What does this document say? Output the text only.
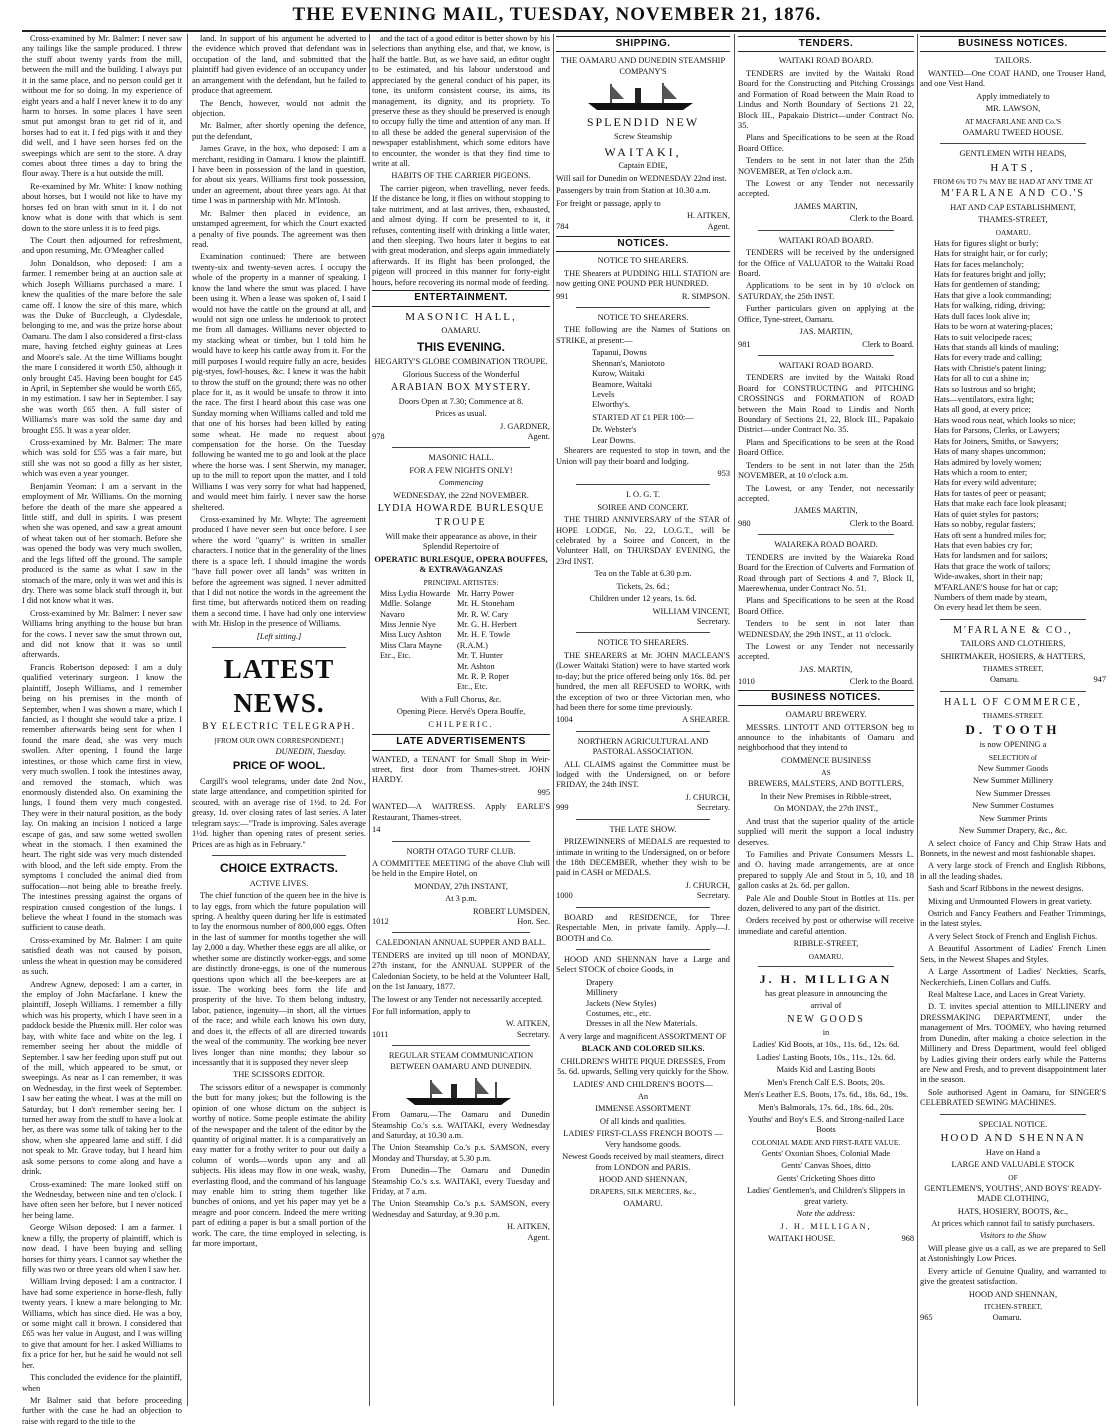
THE EVENING MAIL, TUESDAY, NOVEMBER 21, 1876.

Cross-examined by Mr. Balmer: I never saw any tailings like the sample produced. I threw the stuff about twenty yards from the mill, between the mill and the building. I always put it in the same place, and no person could get it without me for so doing. In my experience of eight years and a half I never knew it to do any harm to horses. In some places I have seen smut put amongst bran to get rid of it, and horses had to eat it. I fed pigs with it and they did well, and I have seen horses fed on the sweepings which are sent to the store. A dray comes about three times a day to bring the flour away. There is a hut outside the mill.

Re-examined by Mr. White: I know nothing about horses, but I would not like to have my horses fed on bran with smut in it. I do not know what is done with that which is sent down to the store unless it is to feed pigs.

The Court then adjourned for refreshment, and upon resuming, Mr. O'Meagher called

John Donaldson, who deposed: I am a farmer. I remember being at an auction sale at which Joseph Williams purchased a mare. I knew the qualities of the mare before the sale came off. I know the sire of this mare, which was the Duke of Buccleugh, a Clydesdale, belonging to me, and was the prize horse about Oamaru. The dam I also considered a first-class mare, having fetched eighty guineas at Lees and Moore's sale. At the time Williams bought the mare I considered it worth £50, although it only brought £45. Having been bought for £45 in April, in September she would be worth £65, in my estimation. I saw her in September. I say she was worth £65 then. A full sister of Williams's mare was sold the same day and brought £55. It was a year older.

Cross-examined by Mr. Balmer: The mare which was sold for £55 was a fair mare, but still she was not so good a filly as her sister, which was even a year younger.

Benjamin Yeoman: I am a servant in the employment of Mr. Williams. On the morning before the death of the mare she appeared a little stiff, and dull in spirits. I was present when she was opened, and saw a great amount of wheat taken out of her stomach. Before she was opened the body was very much swollen, and the legs lifted off the ground. The sample produced is the same as what I saw in the stomach of the mare, only it was wet and this is dry. There was some black stuff through it, but I did not know what it was.

Cross-examined by Mr. Balmer: I never saw Williams bring anything to the house but bran for the cows. I never saw the smut thrown out, and did not know that it was so until afterwards.

Francis Robertson deposed: I am a duly qualified veterinary surgeon. I know the plaintiff, Joseph Williams, and I remember being on his premises in the month of September, when I was shown a mare, which I fancied, as I thought she would take a prize. I remember afterwards being sent for when I found the mare dead, she was very much swollen. After opening, I found the large intestines, or those which came first in view, very much swollen. I took the intestines away, and removed the stomach, which was enormously distended also. On examining the lungs, I found them very much congested. They were in their natural position, as the body lay. On making an incision I noticed a large escape of gas, and saw some wetted swollen wheat in the stomach. I then examined the heart. The right side was very much distended with blood, and the left side empty. From the symptoms I concluded the animal died from suffocation—not being able to breathe freely. The intestines pressing against the organs of respiration caused congestion of the lungs. I believe the wheat I found in the stomach was sufficient to cause death.

Cross-examined by Mr. Balmer: I am quite satisfied death was not caused by poison, unless the wheat in question may be considered as such.

Andrew Agnew, deposed: I am a carter, in the employ of John Macfarlane. I knew the plaintiff, Joseph Williams. I remember a filly which was his property, which I have seen in a paddock beside the Phœnix mill. Her color was bay, with white face and white on the leg. I remember seeing her about the middle of September. I saw her feeding upon stuff put out of the mill, which appeared to be smut, or sweepings. As near as I can remember, it was on Wednesday, in the first week of September. I saw her eating the wheat. I was at the mill on Saturday, but I don't remember seeing her. I turned her away from the stuff to have a look at her, as there was some talk of taking her to the show, when she appeared lame and stiff. I did not speak to Mr. Grave today, but I heard him ask some persons to come along and have a drink.

Cross-examined: The mare looked stiff on the Wednesday, between nine and ten o'clock. I have often seen her before, but I never noticed her being lame.

George Wilson deposed: I am a farmer. I knew a filly, the property of plaintiff, which is now dead. I have been buying and selling horses for thirty years. I cannot say whether the filly was two or three years old when I saw her.

William Irving deposed: I am a contractor. I have had some experience in horse-flesh, fully twenty years. I knew a mare belonging to Mr. Williams, which has since died. He was a boy, or some might call it brown. I considered that £65 was her value in August, and I was willing to give that amount for her. I asked Williams to fix a price for her, but he said he would not sell her.

This concluded the evidence for the plaintiff, when

Mr Balmer said that before proceeding further with the case he had an objection to raise with regard to the title to the

land. In support of his argument he adverted to the evidence which proved that defendant was in occupation of the land, and submitted that the plaintiff had given evidence of an occupancy under an arrangement with the defendant, but he failed to produce that agreement.

The Bench, however, would not admit the objection.

Mr. Balmer, after shortly opening the defence, put the defendant,

James Grave, in the box, who deposed: I am a merchant, residing in Oamaru. I know the plaintiff. I have been in possession of the land in question, for about six years. Williams first took possession, under an agreement, about three years ago. At that time I was in partnership with Mr. M'Intosh.

Mr. Balmer then placed in evidence, an unstamped agreement, for which the Court exacted a penalty of five pounds. The agreement was then read.

Examination continued: There are between twenty-six and twenty-seven acres. I occupy the whole of the property in a manner of speaking. I know the land where the smut was placed. I have been using it. When a lease was spoken of, I said I would not have the cattle on the ground at all, and would not sign one unless he undertook to protect me from all damages. Williams never objected to my stacking wheat or timber, but I told him he would have to keep his cattle away from it. For the mill purposes I would require fully an acre, besides pig-styes, fowl-houses, &c. I knew it was the habit to throw the stuff on the ground; there was no other place for it, as it would be unsafe to throw it into the race. The first I heard about this case was one Sunday morning when Williams called and told me that one of his horses had been killed by eating some wheat. He made no request about compensation for the horse. On the Tuesday following he wanted me to go and look at the place where the horse was. I sent Sherwin, my manager, up to the mill to report upon the matter, and I told Williams I was very sorry for what had happened, and would meet him fairly. I never saw the horse sheltered.

Cross-examined by Mr. Whyte: The agreement produced I have never seen but once before. I see where the word "quarry" is written in smaller characters. I notice that in the generality of the lines there is a space left. I should imagine the words "have full power over all lands" was written in before the agreement was signed. I never admitted that I did not notice the words in the agreement the first time, but afterwards noticed them on reading them a second time. I have had only one interview with Mr. Hislop in the presence of Williams.

[Left sitting.]
LATEST NEWS.
BY ELECTRIC TELEGRAPH.
[FROM OUR OWN CORRESPONDENT.]
DUNEDIN, Tuesday.
PRICE OF WOOL.

Cargill's wool telegrams, under date 2nd Nov., state large attendance, and competition spirited for scoured, with an average rise of 1½d. to 2d. For greasy, 1d. over closing rates of last series. A later telegram says:—"Trade is improving. Sales average 1½d. higher than opening rates of present series. Prices are as high as in February."

CHOICE EXTRACTS.
ACTIVE LIVES.

The chief function of the queen bee in the hive is to lay eggs, from which the future population will spring. A healthy queen during her life is estimated to lay the enormous number of 800,000 eggs. Often in the last of summer for months together she will lay 2,000 a day. Whether these eggs are all alike, or whether some are distinctly worker-eggs, and some are distinctly drone-eggs, is one of the numerous questions upon which all the bee-keepers are at issue. The working bees form the life and prosperity of the hive. To them belong industry, labor, patience, ingenuity—in short, all the virtues of the race; and while each knows his own duty, and does it, the effects of all are directed towards the weal of the community. The working bee never lives longer than nine months; they labour so incessantly that it is supposed they never sleep

THE SCISSORS EDITOR.

The scissors editor of a newspaper is commonly the butt for many jokes; but the following is the opinion of one whose dictum on the subject is worthy of notice. Some people estimate the ability of the newspaper and the talent of the editor by the quantity of original matter. It is a comparatively an easy matter for a frothy writer to pour out daily a column of words—words upon any and all subjects. His ideas may flow in one weak, washy, everlasting flood, and the command of his language may enable him to string them together like bunches of onions, and yet his paper may yet be a meagre and poor concern. Indeed the mere writing part of editing a paper is but a small portion of the work. The care, the time employed in selecting, is far more important,

and the tact of a good editor is better shown by his selections than anything else, and that, we know, is half the battle. But, as we have said, an editor ought to be estimated, and his labour understood and appreciated by the general conduct of his paper, its tone, its uniform consistent course, its aims, its management, its dignity, and its propriety. To preserve these as they should be preserved is enough to occupy fully the time and attention of any man. If to all these be added the general supervision of the newspaper establishment, which some editors have to encounter, the wonder is that they find time to write at all.

HABITS OF THE CARRIER PIGEONS.

The carrier pigeon, when travelling, never feeds. If the distance be long, it flies on without stopping to take nutriment, and at last arrives, then, exhausted, and almost dying. If corn be presented to it, it refuses, contenting itself with drinking a little water, and then sleeping. Two hours later it begins to eat with great moderation, and sleeps again immediately afterwards. If its flight has been prolonged, the pigeon will proceed in this manner for forty-eight hours, before recovering its normal mode of feeding.

ENTERTAINMENT.
MASONIC HALL,
OAMARU.
THIS EVENING.
HEGARTY'S GLOBE COMBINATION TROUPE.
Glorious Success of the Wonderful
ARABIAN BOX MYSTERY.
Doors Open at 7.30; Commence at 8.
Prices as usual.
J. GARDNER,
978	Agent.
MASONIC HALL.
FOR A FEW NIGHTS ONLY!
Commencing
WEDNESDAY, the 22nd NOVEMBER.
LYDIA HOWARDE BURLESQUE
TROUPE
Will make their appearance as above, in their Splendid Repertoire of
OPERATIC BURLESQUE, OPERA BOUFFES, & EXTRAVAGANZAS
PRINCIPAL ARTISTES:
Miss Lydia Howarde
Mdlle. Solange Navaro
Miss Jennie Nye
Miss Lucy Ashton
Miss Clara Mayne
Etc., Etc.
Mr. Harry Power
Mr. H. Stoneham
Mr. R. W. Cary
Mr. G. H. Herbert
Mr. H. F. Towle (R.A.M.)
Mr. T. Hunter
Mr. Ashton
Mr. R. P. Roper
Etc., Etc.
With a Full Chorus, &c.
Opening Piece. Hervé's Opera Bouffe,
CHILPERIC.
LATE ADVERTISEMENTS

WANTED, a TENANT for Small Shop in Weir-street, first door from Thames-street. JOHN HARDY.

995

WANTED—A WAITRESS. Apply EARLE'S Restaurant, Thames-street.

14
NORTH OTAGO TURF CLUB.

A COMMITTEE MEETING of the above Club will be held in the Empire Hotel, on

MONDAY, 27th INSTANT,
At 3 p.m.
ROBERT LUMSDEN,
1012	Hon. Sec.
CALEDONIAN ANNUAL SUPPER AND BALL.

TENDERS are invited up till noon of MONDAY, 27th instant, for the ANNUAL SUPPER of the Caledonian Society, to be held at the Volunteer Hall, on the 1st January, 1877.

The lowest or any Tender not necessarily accepted.

For full information, apply to

W. AITKEN,
1011	Secretary.
REGULAR STEAM COMMUNICATION BETWEEN OAMARU AND DUNEDIN.

From Oamaru.—The Oamaru and Dunedin Steamship Co.'s s.s. WAITAKI, every Wednesday and Saturday, at 10.30 a.m.

The Union Steamship Co.'s p.s. SAMSON, every Monday and Thursday, at 5.30 p.m.

From Dunedin—The Oamaru and Dunedin Steamship Co.'s s.s. WAITAKI, every Tuesday and Friday, at 7 a.m.

The Union Steamship Co.'s p.s. SAMSON, every Wednesday and Saturday, at 9.30 p.m.

H. AITKEN,
Agent.
SHIPPING.
THE OAMARU AND DUNEDIN STEAMSHIP COMPANY'S
SPLENDID NEW
Screw Steamship
WAITAKI,
Captain EDIE,

Will sail for Dunedin on WEDNESDAY 22nd inst.

Passengers by train from Station at 10.30 a.m.

For freight or passage, apply to

H. AITKEN,
784	Agent.
NOTICES.
NOTICE TO SHEARERS.

THE Shearers at PUDDING HILL STATION are now getting ONE POUND PER HUNDRED.

991	R. SIMPSON.
NOTICE TO SHEARERS.

THE following are the Names of Stations on STRIKE, at present:—

Tapanui, Downs
Shennan's, Maniototo
Kurow, Waitaki
Beamore, Waitaki
Levels
Elworthy's.
STARTED AT £1 PER 100:—
Dr. Webster's
Lear Downs.

Shearers are requested to stop in town, and the Union will pay their board and lodging.

953
I. O. G. T.
SOIREE AND CONCERT.

THE THIRD ANNIVERSARY of the STAR of HOPE LODGE, No. 22, I.O.G.T., will be celebrated by a Soiree and Concert, in the Volunteer Hall, on THURSDAY EVENING, the 23rd INST.

Tea on the Table at 6.30 p.m.
Tickets, 2s. 6d.;
Children under 12 years, 1s. 6d.
WILLIAM VINCENT,
Secretary.
NOTICE TO SHEARERS.

THE SHEARERS at Mr. JOHN MACLEAN'S (Lower Waitaki Station) were to have started work to-day; but the price offered being only 16s. 8d. per hundred, the men all REFUSED to WORK, with the exception of two or three Victorian men, who had been there for some time previously.

1004	A SHEARER.
NORTHERN AGRICULTURAL AND PASTORAL ASSOCIATION.

ALL CLAIMS against the Committee must be lodged with the Undersigned, on or before FRIDAY, the 24th INST.

J. CHURCH,
999	Secretary.
THE LATE SHOW.

PRIZEWINNERS of MEDALS are requested to intimate in writing to the Undersigned, on or before the 18th DECEMBER, whether they wish to be paid in CASH or MEDALS.

J. CHURCH,
1000	Secretary.

BOARD and RESIDENCE, for Three Respectable Men, in private family. Apply—J. BOOTH and Co.

HOOD AND SHENNAN have a Large and Select STOCK of choice Goods, in

Drapery
Millinery
Jackets (New Styles)
Costumes, etc., etc.
Dresses in all the New Materials.
A very large and magnificent ASSORTMENT OF
BLACK AND COLORED SILKS.
CHILDREN'S WHITE PIQUE DRESSES, From 5s. 6d. upwards, Selling very quickly for the Show.
LADIES' AND CHILDREN'S BOOTS—
An
IMMENSE ASSORTMENT
Of all kinds and qualities.
LADIES' FIRST-CLASS FRENCH BOOTS —Very handsome goods.
Newest Goods received by mail steamers, direct from LONDON and PARIS.
HOOD AND SHENNAN,
DRAPERS, SILK MERCERS, &c.,
OAMARU.
TENDERS.
WAITAKI ROAD BOARD.

TENDERS are invited by the Waitaki Road Board for the Constructing and Pitching Crossings and Formation of Road between the Main Road to Lindus and North Boundary of Sections 21 22, Block III., Papakaio District—under Contract No. 35.

Plans and Specifications to be seen at the Road Board Office.

Tenders to be sent in not later than the 25th NOVEMBER, at Ten o'clock a.m.

The Lowest or any Tender not necessarily accepted.

JAMES MARTIN,
Clerk to the Board.
WAITAKI ROAD BOARD.

TENDERS will be received by the undersigned for the Office of VALUATOR to the Waitaki Road Board.

Applications to be sent in by 10 o'clock on SATURDAY, the 25th INST.

Further particulars given on applying at the Office, Tyne-street, Oamaru.

JAS. MARTIN,
981	Clerk to Board.
WAITAKI ROAD BOARD.

TENDERS are invited by the Waitaki Road Board for CONSTRUCTING and PITCHING CROSSINGS and FORMATION of ROAD between the Main Road to Lindis and North Boundary of Sections 21, 22, Block III., Papakaio District—under Contract No. 35.

Plans and Specifications to be seen at the Road Board Office.

Tenders to be sent in not later than the 25th NOVEMBER, at 10 o'clock a.m.

The Lowest, or any Tender, not necessarily accepted.

JAMES MARTIN,
980	Clerk to the Board.
WAIAREKA ROAD BOARD.

TENDERS are invited by the Waiareka Road Board for the Erection of Culverts and Formation of Road through part of Sections 4 and 7, Block II, Maerewhenua, under Contract No. 51.

Plans and Specifications to be seen at the Road Board Office.

Tenders to be sent in not later than WEDNESDAY, the 29th INST., at 11 o'clock.

The Lowest or any Tender not necessarily accepted.

JAS. MARTIN,
1010	Clerk to the Board.
BUSINESS NOTICES.
OAMARU BREWERY.

MESSRS. LINTOTT AND OTTERSON beg to announce to the inhabitants of Oamaru and neighborhood that they intend to

COMMENCE BUSINESS
AS
BREWERS, MALSTERS, AND BOTTLERS,
In their New Premises in Ribble-street,
On MONDAY, the 27th INST.,

And trust that the superior quality of the article supplied will merit the support a local industry deserves.

To Families and Private Consumers Messrs L. and O. having made arrangements, are at once prepared to supply Ale and Stout in 5, 10, and 18 gallon casks at 2s. 6d. per gallon.

Pale Ale and Double Stout in Bottles at 11s. per dozen, delivered to any part of the district.

Orders received by post or otherwise will receive immediate and careful attention.

RIBBLE-STREET,
OAMARU.
J. H. MILLIGAN
has great pleasure in announcing the
arrival of
NEW GOODS
in
Ladies' Kid Boots, at 10s., 11s. 6d., 12s. 6d.
Ladies' Lasting Boots, 10s., 11s., 12s. 6d.
Maids Kid and Lasting Boots
Men's French Calf E.S. Boots, 20s.
Men's Leather E.S. Boots, 17s. 6d., 18s. 6d., 19s.
Men's Balmorals, 17s. 6d., 18s. 6d., 20s.
Youths' and Boy's E.S. and Strong-nailed Lace Boots
COLONIAL MADE AND FIRST-RATE VALUE.
Gents' Oxonian Shoes, Colonial Made
Gents' Canvas Shoes, ditto
Gents' Cricketing Shoes ditto
Ladies' Gentlemen's, and Children's Slippers in great variety.
Note the address:
J. H. MILLIGAN,
WAITAKI HOUSE.	968
BUSINESS NOTICES.
TAILORS.

WANTED—One COAT HAND, one Trouser Hand, and one Vest Hand.

Apply immediately to
MR. LAWSON,
AT MACFARLANE AND Co.'S
OAMARU TWEED HOUSE.
GENTLEMEN WITH HEADS,
HATS,
FROM 6¾ TO 7¾ MAY BE HAD AT ANY TIME AT
M'FARLANE AND CO.'S
HAT AND CAP ESTABLISHMENT,
THAMES-STREET,
OAMARU.
Hats for figures slight or burly;
Hats for straight hair, or for curly;
Hats for faces melancholy;
Hats for features bright and jolly;
Hats for gentlemen of standing;
Hats that give a look commanding;
Hats for walking, riding, driving;
Hats dull faces look alive in;
Hats to be worn at watering-places;
Hats to suit velocipede races;
Hats that stands all kinds of mauling;
Hats for every trade and calling;
Hats with Christie's patent lining;
Hats for all to cut a shine in;
Hats so lustrous and so bright;
Hats—ventilators, extra light;
Hats all good, at every price;
Hats wood rous neat, which looks so nice;
Hats for Parsons, Clerks, or Lawyers;
Hats for Joiners, Smiths, or Sawyers;
Hats of many shapes uncommon;
Hats admired by lovely women;
Hats which a room to enter;
Hats for every wild adventure;
Hats for tastes of peer or peasant;
Hats that make each face look pleasant;
Hats of quiet styles for pastors;
Hats so nobby, regular fasters;
Hats oft sent a hundred miles for;
Hats that even babies cry for;
Hats for landsmen and for sailors;
Hats that grace the work of tailors;
Wide-awakes, short in their nap;
M'FARLANE'S house for hat or cap;
Numbers of them made by steam,
On every head let them be seen.
M'FARLANE & CO.,
TAILORS AND CLOTHIERS,
SHIRTMAKER, HOSIERS, & HATTERS,
THAMES STREET,
Oamaru.	947
HALL OF COMMERCE,
THAMES-STREET.
D. TOOTH
is now OPENING a
SELECTION of
New Summer Goods
New Summer Millinery
New Summer Dresses
New Summer Costumes
New Summer Prints
New Summer Drapery, &c., &c.

A select choice of Fancy and Chip Straw Hats and Bonnets, in the newest and most fashionable shapes.

A very large stock of French and English Ribbons, in all the leading shades.

Sash and Scarf Ribbons in the newest designs.

Mixing and Unmounted Flowers in great variety.

Ostrich and Fancy Feathers and Feather Trimmings, in the latest styles.

A very Select Stock of French and English Fichus.

A Beautiful Assortment of Ladies' French Linen Sets, in the Newest Shapes and Styles.

A Large Assortment of Ladies' Neckties, Scarfs, Neckerchiefs, Linen Collars and Cuffs.

Real Maltese Lace, and Laces in Great Variety.

D. T. invites special attention to MILLINERY and DRESSMAKING DEPARTMENT, under the management of Mrs. TOOMEY, who having returned from Dunedin, after making a choice selection in the Millinery and Dress Department, would feel obliged by Ladies giving their orders early while the Patterns are New and Fresh, and to prevent disappointment later in the season.

Sole authorised Agent in Oamaru, for SINGER'S CELEBRATED SEWING MACHINES.

SPECIAL NOTICE.
HOOD AND SHENNAN
Have on Hand a
LARGE AND VALUABLE STOCK
OF
GENTLEMEN'S, YOUTHS', AND BOYS' READY-MADE CLOTHING,
HATS, HOSIERY, BOOTS, &c.,
At prices which cannot fail to satisfy purchasers.
Visitors to the Show

Will please give us a call, as we are prepared to Sell at Astonishingly Low Prices.

Every article of Genuine Quality, and warranted to give the greatest satisfaction.

HOOD AND SHENNAN,
ITCHEN-STREET,
965	Oamaru.
